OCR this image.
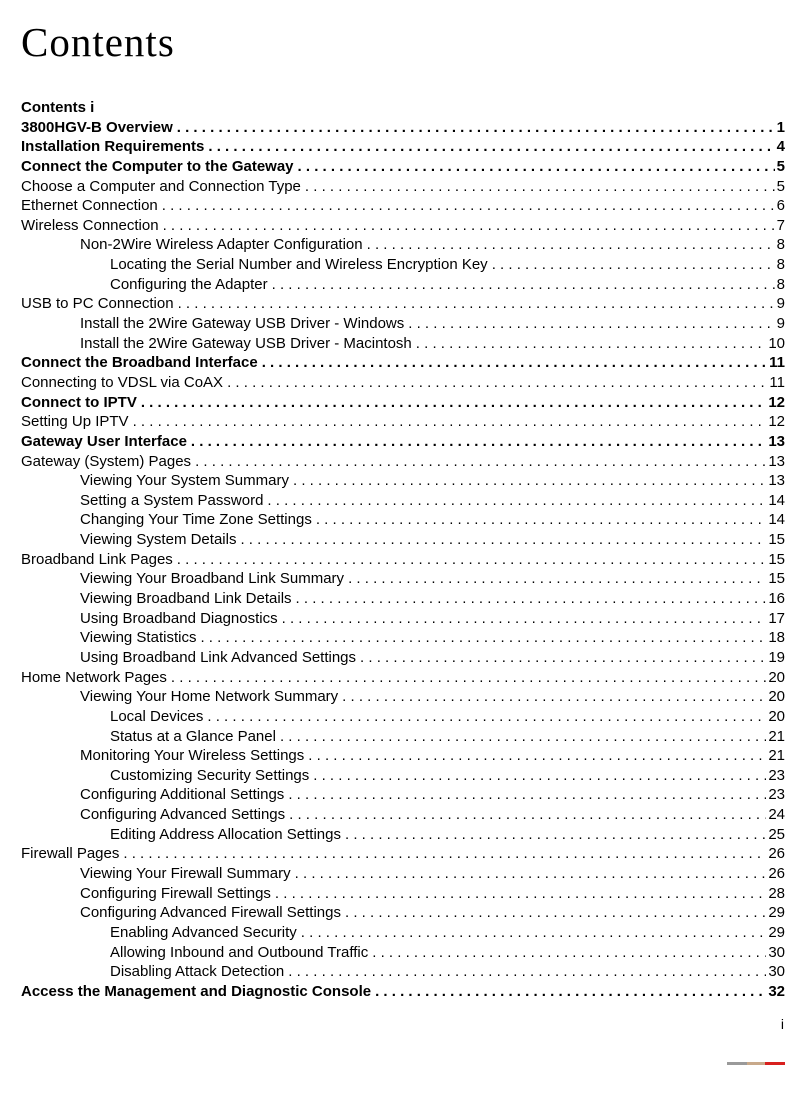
Contents
Contents i
3800HGV-B Overview . . .	1
Installation Requirements . . .	4
Connect the Computer to the Gateway . . .	5
Choose a Computer and Connection Type . . .	5
Ethernet Connection . . .	6
Wireless Connection . . .	7
Non-2Wire Wireless Adapter Configuration . . .	8
Locating the Serial Number and Wireless Encryption Key . . .	8
Configuring the Adapter . . .	8
USB to PC Connection . . .	9
Install the 2Wire Gateway USB Driver - Windows . . .	9
Install the 2Wire Gateway USB Driver - Macintosh . . .	10
Connect the Broadband Interface . . .	11
Connecting to VDSL via CoAX . . .	11
Connect to IPTV . . .	12
Setting Up IPTV . . .	12
Gateway User Interface . . .	13
Gateway (System) Pages . . .	13
Viewing Your System Summary . . .	13
Setting a System Password . . .	14
Changing Your Time Zone Settings . . .	14
Viewing System Details . . .	15
Broadband Link Pages . . .	15
Viewing Your Broadband Link Summary . . .	15
Viewing Broadband Link Details . . .	16
Using Broadband Diagnostics . . .	17
Viewing Statistics . . .	18
Using Broadband Link Advanced Settings . . .	19
Home Network Pages . . .	20
Viewing Your Home Network Summary . . .	20
Local Devices . . .	20
Status at a Glance Panel . . .	21
Monitoring Your Wireless Settings . . .	21
Customizing Security Settings . . .	23
Configuring Additional Settings . . .	23
Configuring Advanced Settings . . .	24
Editing Address Allocation Settings . . .	25
Firewall Pages . . .	26
Viewing Your Firewall Summary . . .	26
Configuring Firewall Settings . . .	28
Configuring Advanced Firewall Settings . . .	29
Enabling Advanced Security . . .	29
Allowing Inbound and Outbound Traffic . . .	30
Disabling Attack Detection . . .	30
Access the Management and Diagnostic Console . . .	32
i
